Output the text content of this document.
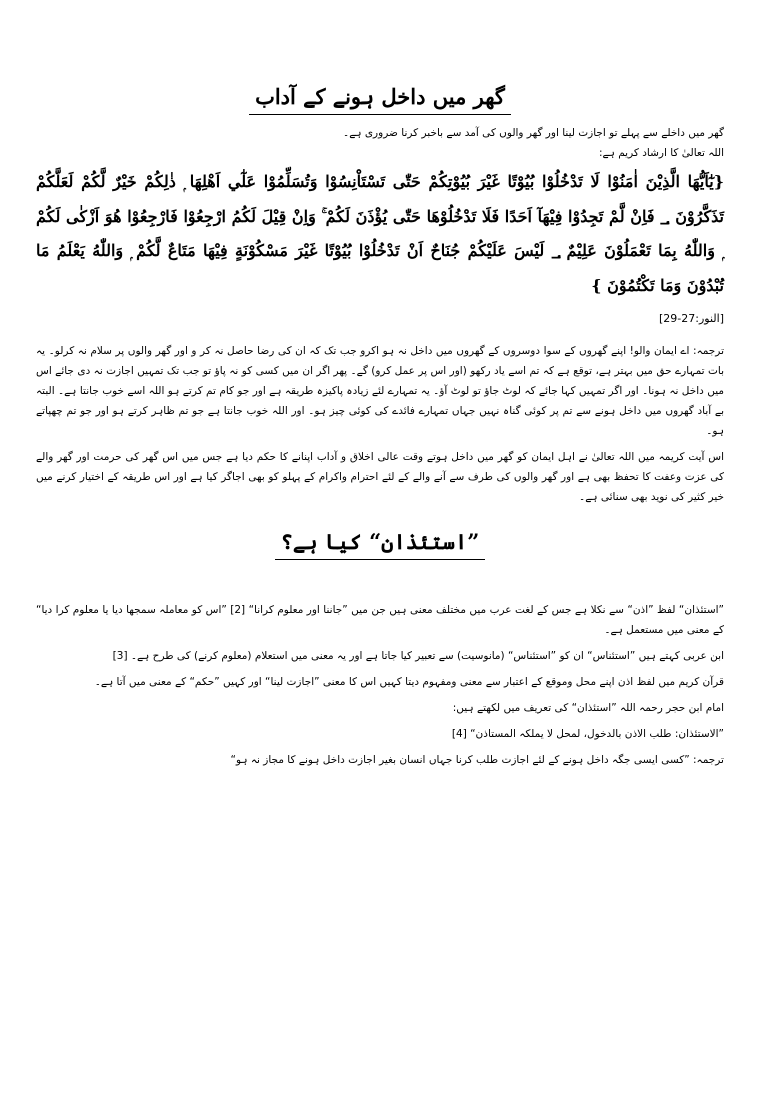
گھر میں داخل ہونے کے آداب

گھر میں داخلے سے پہلے تو اجازت لینا اور گھر والوں کی آمد سے باخبر کرنا ضروری ہے۔

اللہ تعالیٰ کا ارشاد کریم ہے:

{يٰٓاَيُّهَا الَّذِيْنَ اٰمَنُوْا لَا تَدْخُلُوْا بُيُوْتًا غَيْرَ بُيُوْتِكُمْ حَتّٰى تَسْتَاْنِسُوْا وَتُسَلِّمُوْا عَلٰٓي اَهْلِهَا ۭ ذٰلِكُمْ خَيْرٌ لَّكُمْ لَعَلَّكُمْ تَذَكَّرُوْنَ ؀ فَاِنْ لَّمْ تَجِدُوْا فِيْهَآ اَحَدًا فَلَا تَدْخُلُوْهَا حَتّٰى يُؤْذَنَ لَكُمْ ۚ وَاِنْ قِيْلَ لَكُمُ ارْجِعُوْا فَارْجِعُوْا هُوَ اَزْكٰى لَكُمْ ۭ وَاللّٰهُ بِمَا تَعْمَلُوْنَ عَلِيْمٌ ؀ لَيْسَ عَلَيْكُمْ جُنَاحٌ اَنْ تَدْخُلُوْا بُيُوْتًا غَيْرَ مَسْكُوْنَةٍ فِيْهَا مَتَاعٌ لَّكُمْ ۭ وَاللّٰهُ يَعْلَمُ مَا تُبْدُوْنَ وَمَا تَكْتُمُوْنَ }

[النور:27-29]

ترجمہ: اے ایمان والو! اپنے گھروں کے سوا دوسروں کے گھروں میں داخل نہ ہو اکرو جب تک کہ ان کی رضا حاصل نہ کر و اور گھر والوں پر سلام نہ کرلو۔ یہ بات تمہارے حق میں بہتر ہے، توقع ہے کہ تم اسے یاد رکھو (اور اس پر عمل کرو) گے۔ پھر اگر ان میں کسی کو نہ پاؤ تو جب تک تمہیں اجازت نہ دی جائے اس میں داخل نہ ہونا۔ اور اگر تمہیں کہا جائے کہ لوٹ جاؤ تو لوٹ آؤ۔ یہ تمہارے لئے زیادہ پاکیزہ طریقہ ہے اور جو کام تم کرتے ہو اللہ اسے خوب جانتا ہے۔ البتہ بے آباد گھروں میں داخل ہونے سے تم پر کوئی گناہ نہیں جہاں تمہارے فائدے کی کوئی چیز ہو۔ اور اللہ خوب جانتا ہے جو تم ظاہر کرتے ہو اور جو تم چھپاتے ہو۔

اس آیت کریمہ میں اللہ تعالیٰ نے اہل ایمان کو گھر میں داخل ہوتے وقت عالی اخلاق و آداب اپنانے کا حکم دیا ہے جس میں اس گھر کی حرمت اور گھر والے کی عزت وعفت کا تحفظ بھی ہے اور گھر والوں کی طرف سے آنے والے کے لئے احترام واکرام کے پہلو کو بھی اجاگر کیا ہے اور اس طریقہ کے اختیار کرنے میں خیر کثیر کی نوید بھی سنائی ہے۔

”استئذان“ کیا ہے؟

”استئذان“ لفظ ”اذن“ سے نکلا ہے جس کے لغت عرب میں مختلف معنی ہیں جن میں ”جاننا اور معلوم کرانا“ [2] ”اس کو معاملہ سمجھا دیا یا معلوم کرا دیا“ کے معنی میں مستعمل ہے۔

ابن عربی کہتے ہیں ”استئناس“ ان کو ”استئناس“ (مانوسیت) سے تعبیر کیا جاتا ہے اور یہ معنی میں استعلام (معلوم کرنے) کی طرح ہے۔ [3]

قرآن کریم میں لفظ اذن اپنے محل وموقع کے اعتبار سے معنی ومفہوم دیتا کہیں اس کا معنی ”اجازت لینا“ اور کہیں ”حکم“ کے معنی میں آتا ہے۔

امام ابن حجر رحمہ اللہ ”استئذان“ کی تعریف میں لکھتے ہیں:

”الاستئذان: طلب الاذن بالدخول، لمحل لا یملکہ المستاذن“ [4]

ترجمہ: ”کسی ایسی جگہ داخل ہونے کے لئے اجازت طلب کرنا جہاں انسان بغیر اجازت داخل ہونے کا مجاز نہ ہو“
